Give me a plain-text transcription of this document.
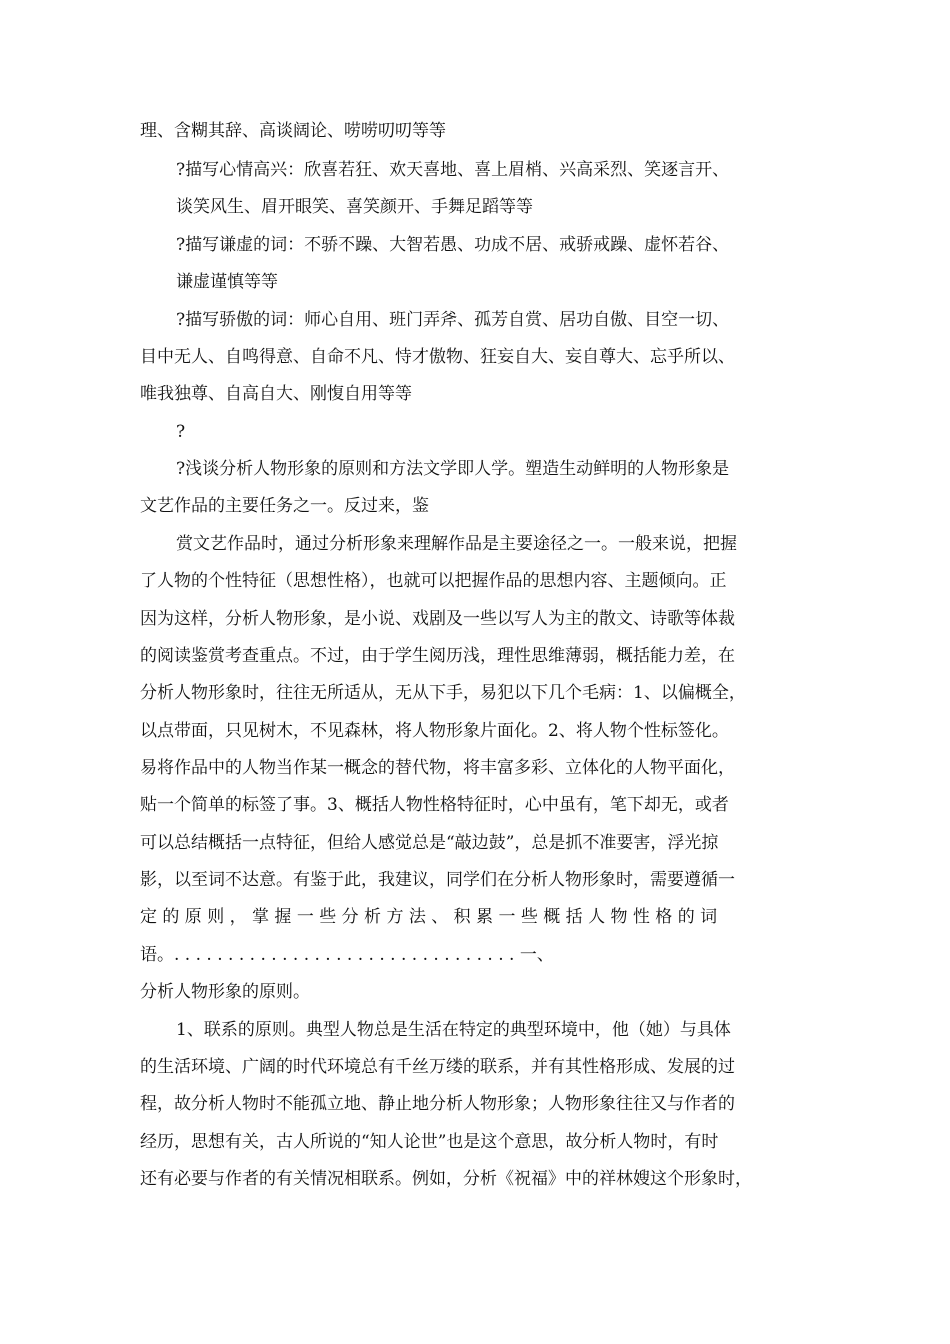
理、含糊其辞、高谈阔论、唠唠叨叨等等
?描写心情高兴：欣喜若狂、欢天喜地、喜上眉梢、兴高采烈、笑逐言开、
谈笑风生、眉开眼笑、喜笑颜开、手舞足蹈等等
?描写谦虚的词：不骄不躁、大智若愚、功成不居、戒骄戒躁、虚怀若谷、
谦虚谨慎等等
?描写骄傲的词：师心自用、班门弄斧、孤芳自赏、居功自傲、目空一切、
目中无人、自鸣得意、自命不凡、恃才傲物、狂妄自大、妄自尊大、忘乎所以、
唯我独尊、自高自大、刚愎自用等等
?
?浅谈分析人物形象的原则和方法文学即人学。塑造生动鲜明的人物形象是
文艺作品的主要任务之一。反过来，鉴
赏文艺作品时，通过分析形象来理解作品是主要途径之一。一般来说，把握
了人物的个性特征（思想性格），也就可以把握作品的思想内容、主题倾向。正
因为这样，分析人物形象，是小说、戏剧及一些以写人为主的散文、诗歌等体裁
的阅读鉴赏考查重点。不过，由于学生阅历浅，理性思维薄弱，概括能力差，在
分析人物形象时，往往无所适从，无从下手，易犯以下几个毛病：1、以偏概全，
以点带面，只见树木，不见森林，将人物形象片面化。2、将人物个性标签化。
易将作品中的人物当作某一概念的替代物，将丰富多彩、立体化的人物平面化，
贴一个简单的标签了事。3、概括人物性格特征时，心中虽有，笔下却无，或者
可以总结概括一点特征，但给人感觉总是“敲边鼓”，总是抓不准要害，浮光掠
影，以至词不达意。有鉴于此，我建议，同学们在分析人物形象时，需要遵循一
定 的 原 则 ， 掌 握 一 些 分 析 方 法 、 积 累 一 些 概 括 人 物 性 格 的 词
语。. . . . . . . . . . . . . . . . . . . . . . . . . . . . . . . . 一、
分析人物形象的原则。
1、联系的原则。典型人物总是生活在特定的典型环境中，他（她）与具体
的生活环境、广阔的时代环境总有千丝万缕的联系，并有其性格形成、发展的过
程，故分析人物时不能孤立地、静止地分析人物形象；人物形象往往又与作者的
经历，思想有关，古人所说的“知人论世”也是这个意思，故分析人物时，有时
还有必要与作者的有关情况相联系。例如，分析《祝福》中的祥林嫂这个形象时，
